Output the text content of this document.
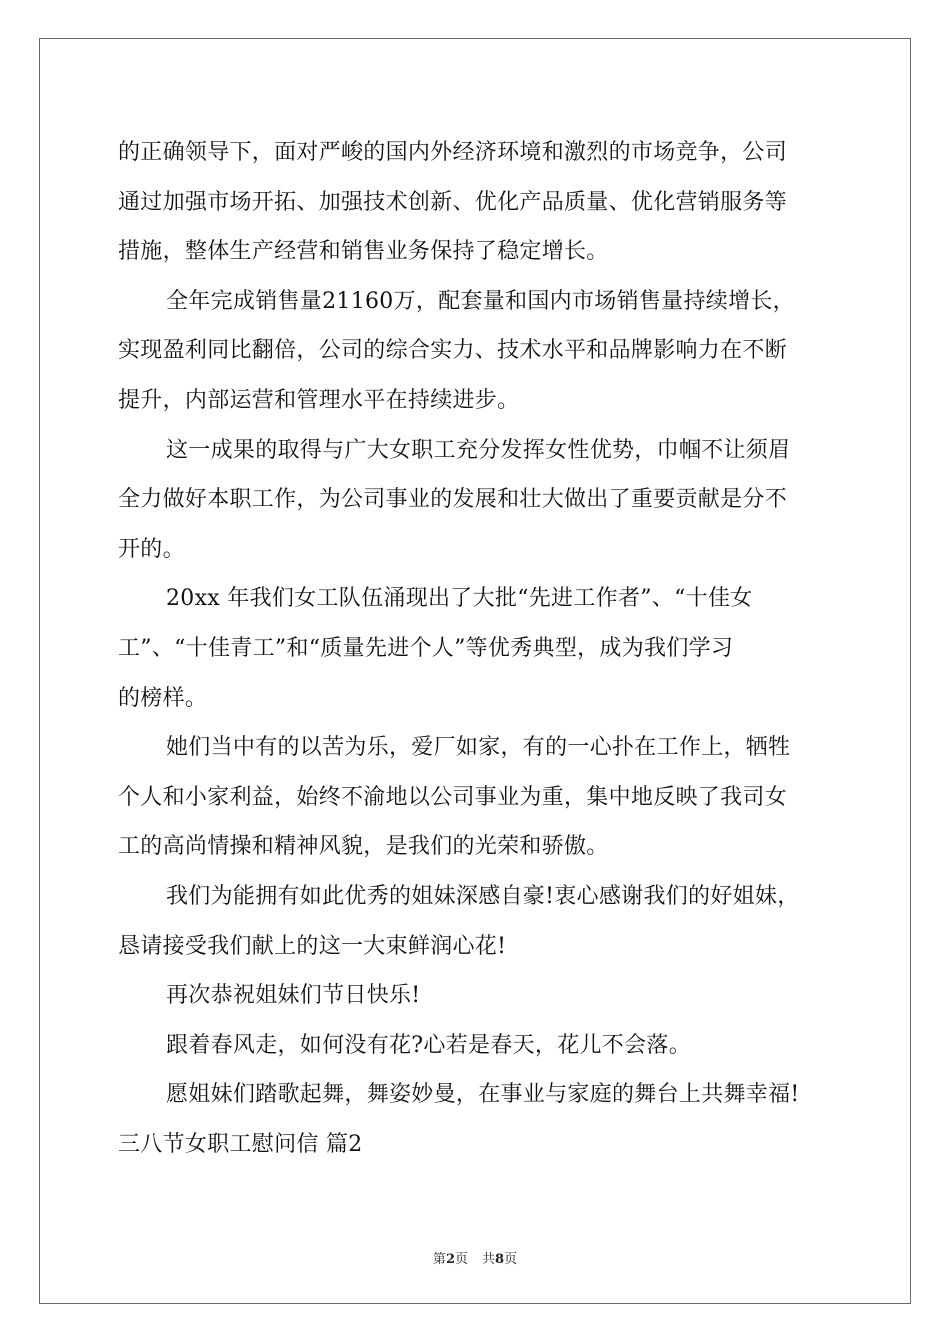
的正确领导下，面对严峻的国内外经济环境和激烈的市场竞争，公司
通过加强市场开拓、加强技术创新、优化产品质量、优化营销服务等
措施，整体生产经营和销售业务保持了稳定增长。
全年完成销售量21160万，配套量和国内市场销售量持续增长，
实现盈利同比翻倍，公司的综合实力、技术水平和品牌影响力在不断
提升，内部运营和管理水平在持续进步。
这一成果的取得与广大女职工充分发挥女性优势，巾帼不让须眉
全力做好本职工作，为公司事业的发展和壮大做出了重要贡献是分不
开的。
20xx 年我们女工队伍涌现出了大批“先进工作者”、“十佳女
工”、“十佳青工”和“质量先进个人”等优秀典型，成为我们学习
的榜样。
她们当中有的以苦为乐，爱厂如家，有的一心扑在工作上，牺牲
个人和小家利益，始终不渝地以公司事业为重，集中地反映了我司女
工的高尚情操和精神风貌，是我们的光荣和骄傲。
我们为能拥有如此优秀的姐妹深感自豪!衷心感谢我们的好姐妹，
恳请接受我们献上的这一大束鲜润心花!
再次恭祝姐妹们节日快乐!
跟着春风走，如何没有花?心若是春天，花儿不会落。
愿姐妹们踏歌起舞，舞姿妙曼，在事业与家庭的舞台上共舞幸福!
三八节女职工慰问信 篇2
第2页 共8页
